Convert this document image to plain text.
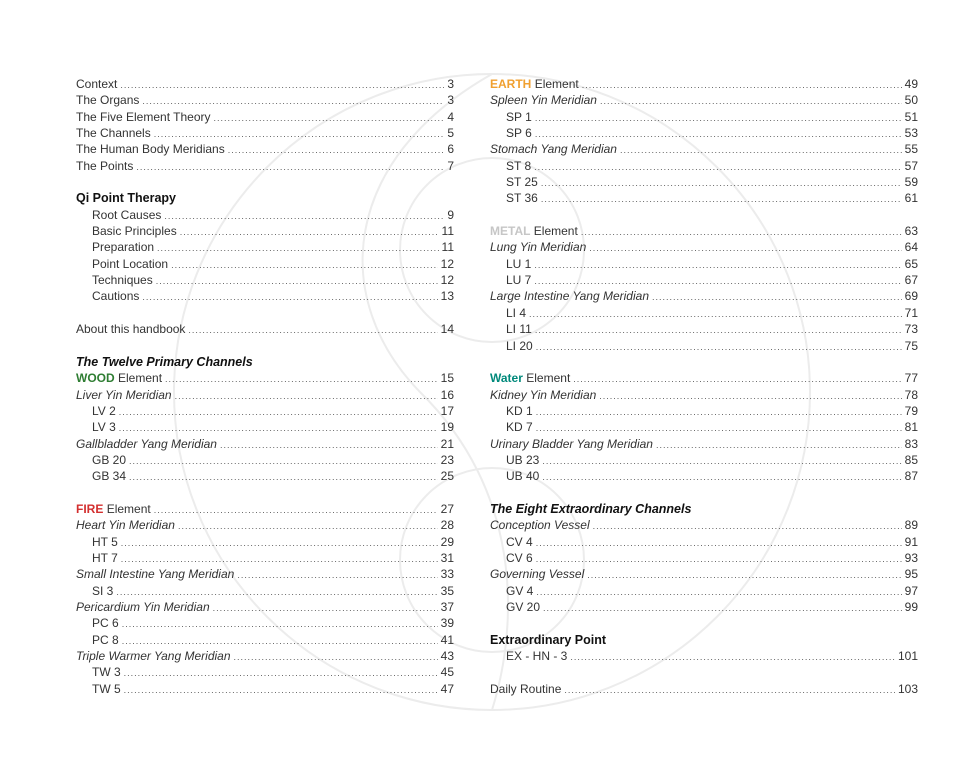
Context .....	3
The Organs .....	3
The Five Element Theory .....	4
The Channels .....	5
The Human Body Meridians .....	6
The Points .....	7
Qi Point Therapy
Root Causes .....	9
Basic Principles .....	11
Preparation .....	11
Point Location .....	12
Techniques .....	12
Cautions .....	13
About this handbook .....	14
The Twelve Primary Channels
WOOD Element .....	15
Liver Yin Meridian .....	16
LV 2 .....	17
LV 3 .....	19
Gallbladder Yang Meridian .....	21
GB 20 .....	23
GB 34 .....	25
FIRE Element .....	27
Heart Yin Meridian .....	28
HT 5 .....	29
HT 7 .....	31
Small Intestine Yang Meridian .....	33
SI 3 .....	35
Pericardium Yin Meridian .....	37
PC 6 .....	39
PC 8 .....	41
Triple Warmer Yang Meridian .....	43
TW 3 .....	45
TW 5 .....	47
EARTH Element .....	49
Spleen Yin Meridian .....	50
SP 1 .....	51
SP 6 .....	53
Stomach Yang Meridian .....	55
ST 8 .....	57
ST 25 .....	59
ST 36 .....	61
METAL Element .....	63
Lung Yin Meridian .....	64
LU 1 .....	65
LU 7 .....	67
Large Intestine Yang Meridian .....	69
LI 4 .....	71
LI 11 .....	73
LI 20 .....	75
Water Element .....	77
Kidney Yin Meridian .....	78
KD 1 .....	79
KD 7 .....	81
Urinary Bladder Yang Meridian .....	83
UB 23 .....	85
UB 40 .....	87
The Eight Extraordinary Channels
Conception Vessel .....	89
CV 4 .....	91
CV 6 .....	93
Governing Vessel .....	95
GV 4 .....	97
GV 20 .....	99
Extraordinary Point
EX - HN - 3 .....	101
Daily Routine .....	103
